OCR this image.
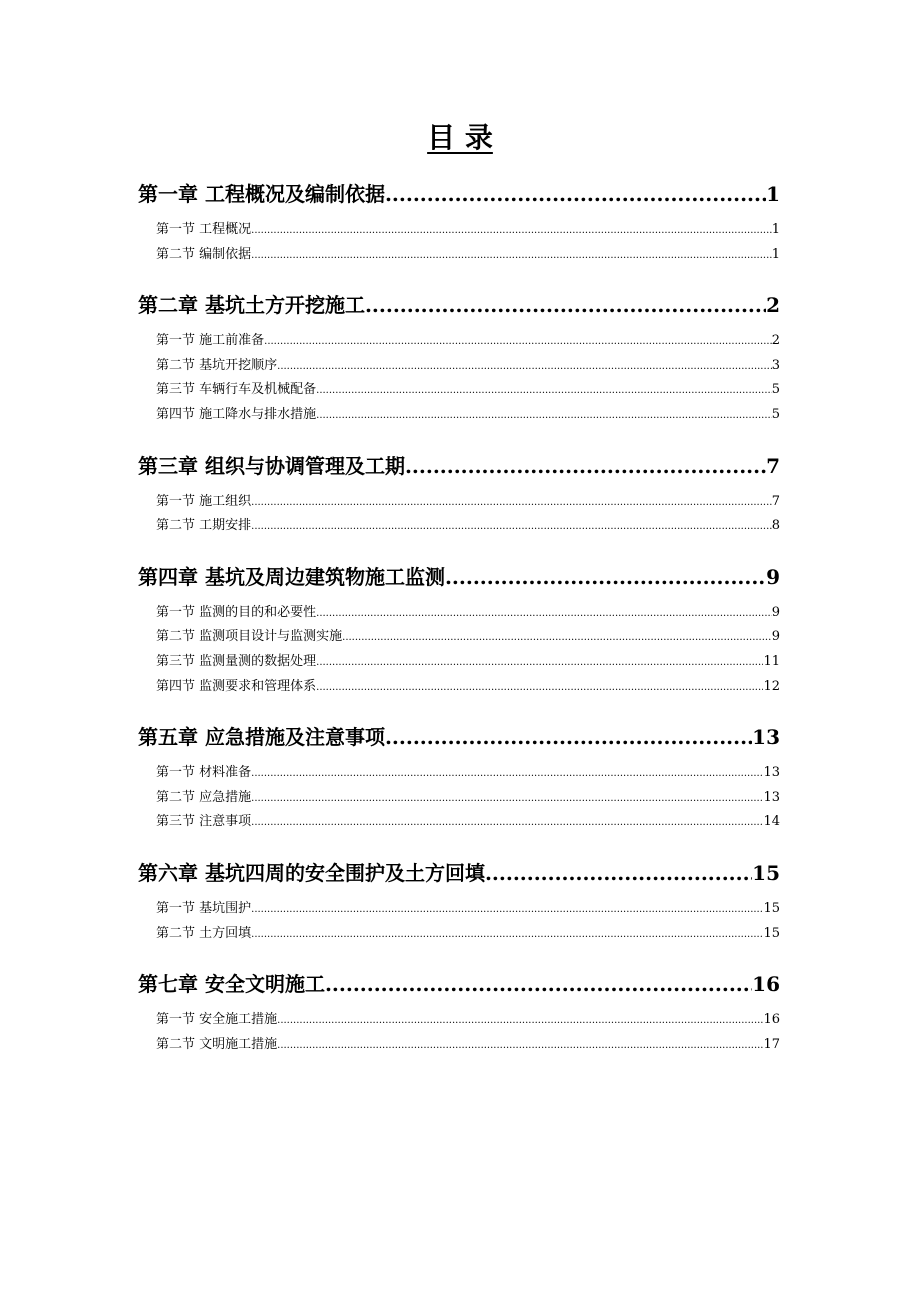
目 录
第一章 工程概况及编制依据 .....	1
第一节 工程概况 .....	1
第二节 编制依据 .....	1
第二章 基坑土方开挖施工 .....	2
第一节 施工前准备 .....	2
第二节 基坑开挖顺序 .....	3
第三节 车辆行车及机械配备 .....	5
第四节 施工降水与排水措施 .....	5
第三章 组织与协调管理及工期 .....	7
第一节 施工组织 .....	7
第二节 工期安排 .....	8
第四章 基坑及周边建筑物施工监测 .....	9
第一节 监测的目的和必要性 .....	9
第二节 监测项目设计与监测实施 .....	9
第三节 监测量测的数据处理 .....	11
第四节 监测要求和管理体系 .....	12
第五章 应急措施及注意事项 .....	13
第一节 材料准备 .....	13
第二节 应急措施 .....	13
第三节 注意事项 .....	14
第六章 基坑四周的安全围护及土方回填 .....	15
第一节 基坑围护 .....	15
第二节 土方回填 .....	15
第七章 安全文明施工 .....	16
第一节 安全施工措施 .....	16
第二节 文明施工措施 .....	17
